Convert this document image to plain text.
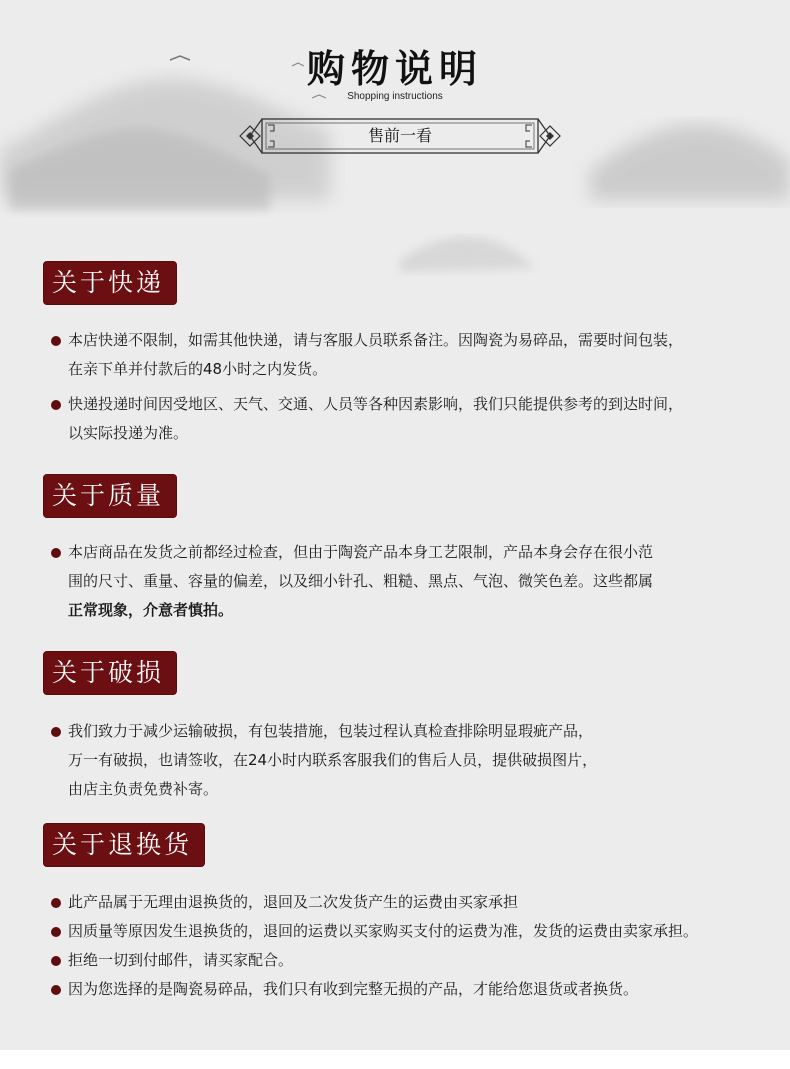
购物说明
Shopping instructions
售前一看
关于快递
本店快递不限制，如需其他快递，请与客服人员联系备注。因陶瓷为易碎品，需要时间包装，
在亲下单并付款后的48小时之内发货。
快递投递时间因受地区、天气、交通、人员等各种因素影响，我们只能提供参考的到达时间，
以实际投递为准。
关于质量
本店商品在发货之前都经过检查，但由于陶瓷产品本身工艺限制，产品本身会存在很小范
围的尺寸、重量、容量的偏差，以及细小针孔、粗糙、黑点、气泡、微笑色差。这些都属
正常现象，介意者慎拍。
关于破损
我们致力于减少运输破损，有包装措施，包装过程认真检查排除明显瑕疵产品，
万一有破损，也请签收，在24小时内联系客服我们的售后人员，提供破损图片，
由店主负责免费补寄。
关于退换货
此产品属于无理由退换货的，退回及二次发货产生的运费由买家承担
因质量等原因发生退换货的，退回的运费以买家购买支付的运费为准，发货的运费由卖家承担。
拒绝一切到付邮件，请买家配合。
因为您选择的是陶瓷易碎品，我们只有收到完整无损的产品，才能给您退货或者换货。
